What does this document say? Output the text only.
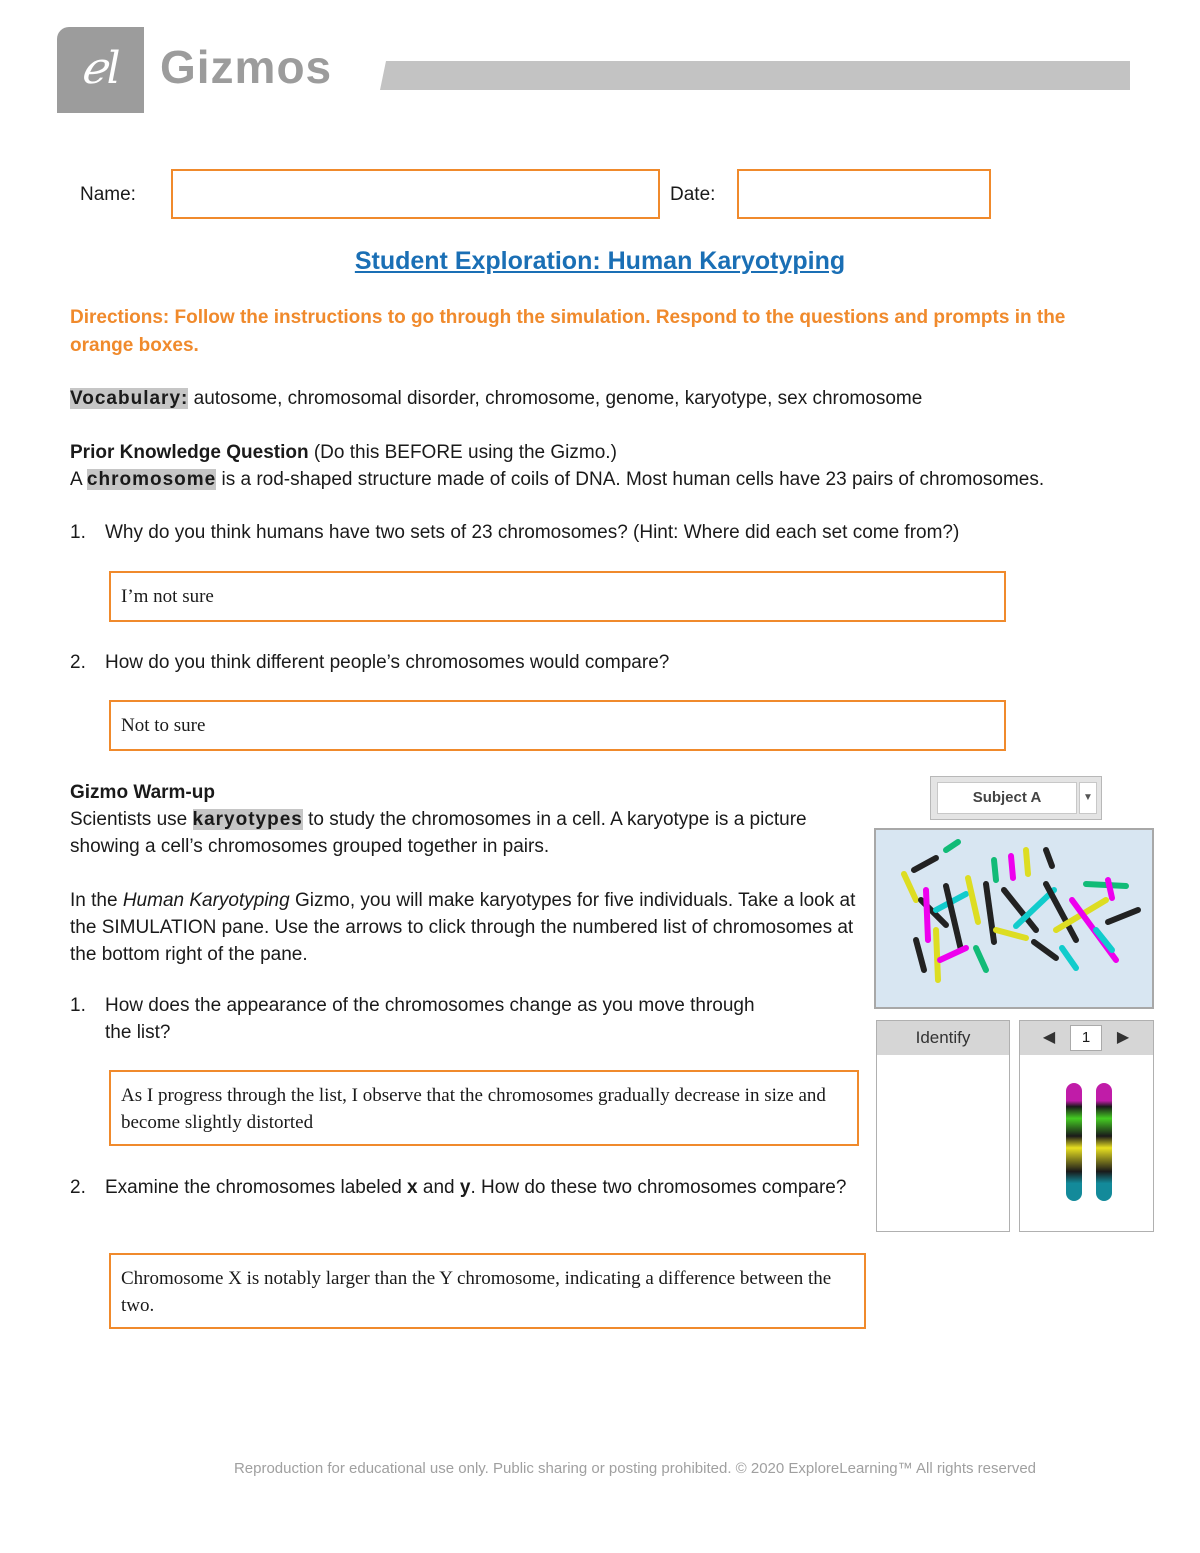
ℯl Gizmos
Name:	Date:
Student Exploration: Human Karyotyping
Directions: Follow the instructions to go through the simulation. Respond to the questions and prompts in the orange boxes.
Vocabulary: autosome, chromosomal disorder, chromosome, genome, karyotype, sex chromosome
Prior Knowledge Question (Do this BEFORE using the Gizmo.)
A chromosome is a rod-shaped structure made of coils of DNA. Most human cells have 23 pairs of chromosomes.
1. Why do you think humans have two sets of 23 chromosomes? (Hint: Where did each set come from?)
I’m not sure
2. How do you think different people’s chromosomes would compare?
Not to sure
Gizmo Warm-up
Scientists use karyotypes to study the chromosomes in a cell. A karyotype is a picture showing a cell’s chromosomes grouped together in pairs.
In the Human Karyotyping Gizmo, you will make karyotypes for five individuals. Take a look at the SIMULATION pane. Use the arrows to click through the numbered list of chromosomes at the bottom right of the pane.
1. How does the appearance of the chromosomes change as you move through the list?
As I progress through the list, I observe that the chromosomes gradually decrease in size and become slightly distorted
2. Examine the chromosomes labeled x and y. How do these two chromosomes compare?
Chromosome X is notably larger than the Y chromosome, indicating a difference between the two.
Subject A	▼
Identify	◀	1	▶
Reproduction for educational use only. Public sharing or posting prohibited. © 2020 ExploreLearning™ All rights reserved
